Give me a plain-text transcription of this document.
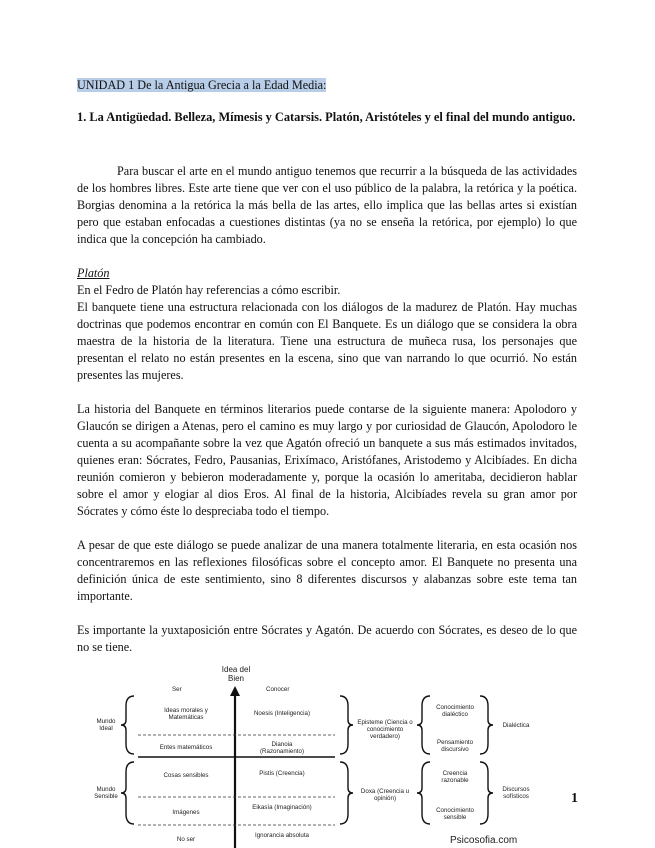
UNIDAD 1 De la Antigua Grecia a la Edad Media:
1. La Antigüedad. Belleza, Mímesis y Catarsis. Platón, Aristóteles y el final del mundo antiguo.

Para buscar el arte en el mundo antiguo tenemos que recurrir a la búsqueda de las actividades de los hombres libres. Este arte tiene que ver con el uso público de la palabra, la retórica y la poética. Borgias denomina a la retórica la más bella de las artes, ello implica que las bellas artes si existían pero que estaban enfocadas a cuestiones distintas (ya no se enseña la retórica, por ejemplo) lo que indica que la concepción ha cambiado.

Platón

En el Fedro de Platón hay referencias a cómo escribir.

El banquete tiene una estructura relacionada con los diálogos de la madurez de Platón. Hay muchas doctrinas que podemos encontrar en común con El Banquete. Es un diálogo que se considera la obra maestra de la historia de la literatura. Tiene una estructura de muñeca rusa, los personajes que presentan el relato no están presentes en la escena, sino que van narrando lo que ocurrió. No están presentes las mujeres.

La historia del Banquete en términos literarios puede contarse de la siguiente manera: Apolodoro y Glaucón se dirigen a Atenas, pero el camino es muy largo y por curiosidad de Glaucón, Apolodoro le cuenta a su acompañante sobre la vez que Agatón ofreció un banquete a sus más estimados invitados, quienes eran: Sócrates, Fedro, Pausanias, Erixímaco, Aristófanes, Aristodemo y Alcibíades. En dicha reunión comieron y bebieron moderadamente y, porque la ocasión lo ameritaba, decidieron hablar sobre el amor y elogiar al dios Eros. Al final de la historia, Alcibíades revela su gran amor por Sócrates y cómo éste lo despreciaba todo el tiempo.
A pesar de que este diálogo se puede analizar de una manera totalmente literaria, en esta ocasión nos concentraremos en las reflexiones filosóficas sobre el concepto amor. El Banquete no presenta una definición única de este sentimiento, sino 8 diferentes discursos y alabanzas sobre este tema tan importante.
Es importante la yuxtaposición entre Sócrates y Agatón. De acuerdo con Sócrates, es deseo de lo que no se tiene.
Idea del Bien
Ser	Conocer
Mundo Ideal
Mundo Sensible
Ideas morales y Matemáticas
Entes matemáticos
Cosas sensibles
Imágenes
No ser
Noesis (Inteligencia)
Dianoia (Razonamiento)
Pistis (Creencia)
Eikasía (Imaginación)
Ignorancia absoluta
Episteme (Ciencia o conocimiento verdadero)
Doxa (Creencia u opinión)
Conocimiento dialéctico
Pensamiento discursivo
Creencia razonable
Conocimiento sensible
Dialéctica
Discursos sofísticos
Psicosofia.com
1
